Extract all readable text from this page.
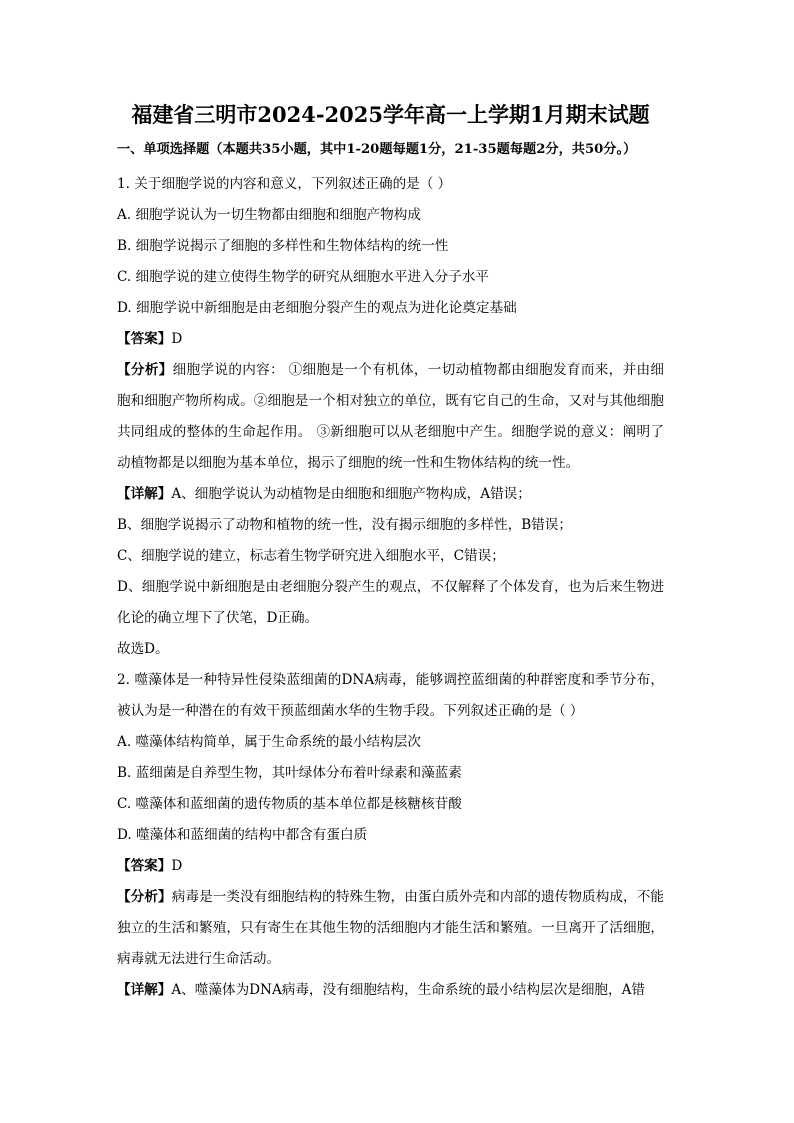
福建省三明市2024-2025学年高一上学期1月期末试题

一、单项选择题（本题共35小题，其中1-20题每题1分，21-35题每题2分，共50分。）

1. 关于细胞学说的内容和意义，下列叙述正确的是（ ）

A. 细胞学说认为一切生物都由细胞和细胞产物构成

B. 细胞学说揭示了细胞的多样性和生物体结构的统一性

C. 细胞学说的建立使得生物学的研究从细胞水平进入分子水平

D. 细胞学说中新细胞是由老细胞分裂产生的观点为进化论奠定基础

【答案】D

【分析】细胞学说的内容： ①细胞是一个有机体，一切动植物都由细胞发育而来，并由细胞和细胞产物所构成。②细胞是一个相对独立的单位，既有它自己的生命，又对与其他细胞共同组成的整体的生命起作用。 ③新细胞可以从老细胞中产生。细胞学说的意义：阐明了动植物都是以细胞为基本单位，揭示了细胞的统一性和生物体结构的统一性。

【详解】A、细胞学说认为动植物是由细胞和细胞产物构成，A错误；

B、细胞学说揭示了动物和植物的统一性，没有揭示细胞的多样性，B错误；

C、细胞学说的建立，标志着生物学研究进入细胞水平，C错误；

D、细胞学说中新细胞是由老细胞分裂产生的观点，不仅解释了个体发育，也为后来生物进化论的确立埋下了伏笔，D正确。

故选D。

2. 噬藻体是一种特异性侵染蓝细菌的DNA病毒，能够调控蓝细菌的种群密度和季节分布，被认为是一种潜在的有效干预蓝细菌水华的生物手段。下列叙述正确的是（ ）

A. 噬藻体结构简单，属于生命系统的最小结构层次

B. 蓝细菌是自养型生物，其叶绿体分布着叶绿素和藻蓝素

C. 噬藻体和蓝细菌的遗传物质的基本单位都是核糖核苷酸

D. 噬藻体和蓝细菌的结构中都含有蛋白质

【答案】D

【分析】病毒是一类没有细胞结构的特殊生物，由蛋白质外壳和内部的遗传物质构成，不能独立的生活和繁殖，只有寄生在其他生物的活细胞内才能生活和繁殖。一旦离开了活细胞，病毒就无法进行生命活动。

【详解】A、噬藻体为DNA病毒，没有细胞结构，生命系统的最小结构层次是细胞，A错
